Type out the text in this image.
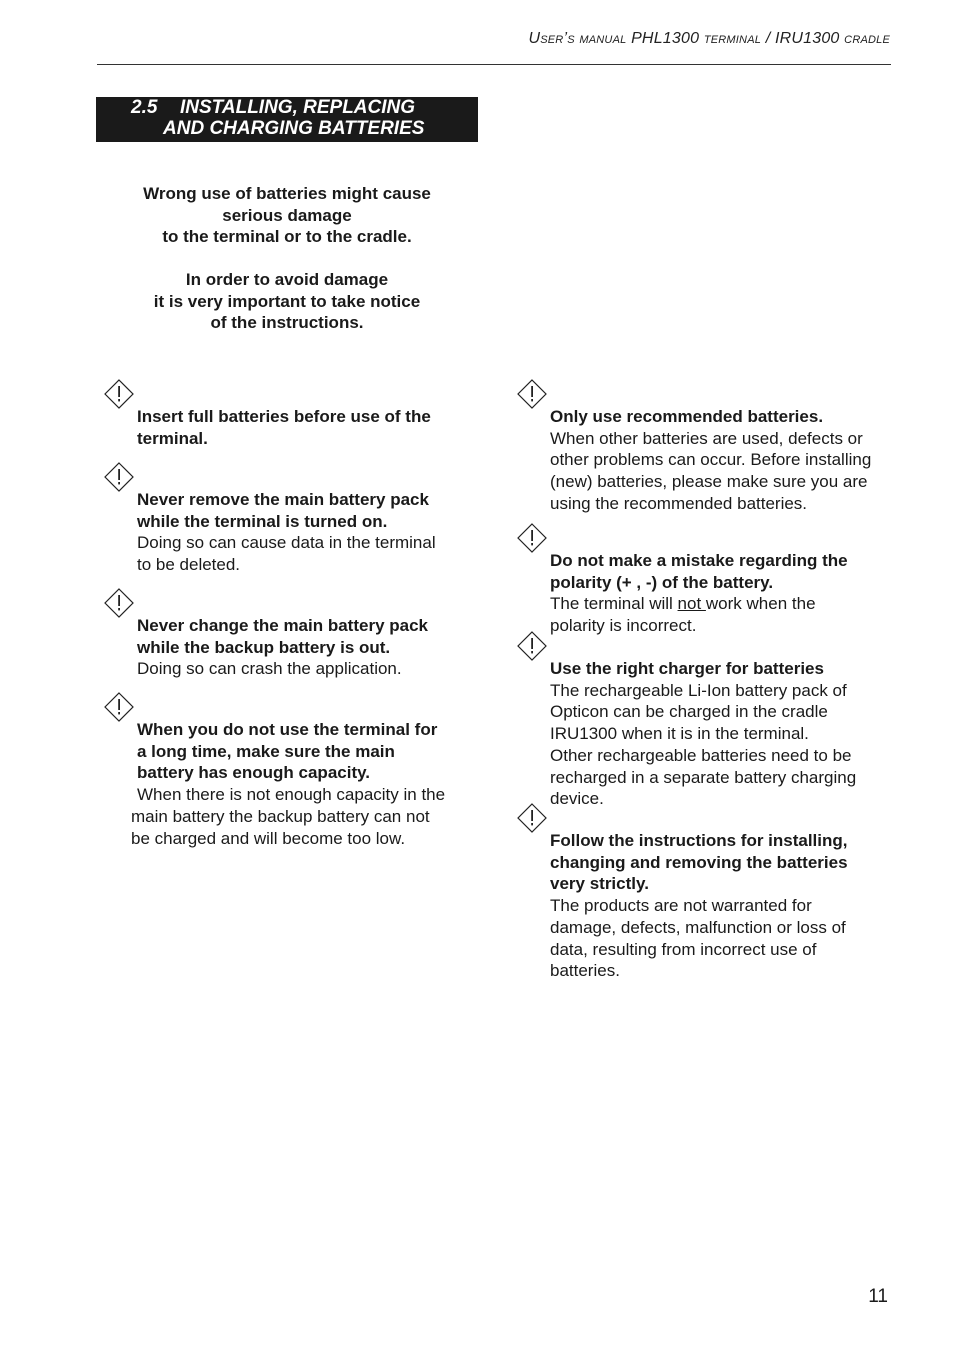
User’s manual PHL1300 terminal / IRU1300 cradle
2.5 INSTALLING, REPLACING
AND CHARGING BATTERIES

Wrong use of batteries might cause

serious damage

to the terminal or to the cradle.

In order to avoid damage

it is very important to take notice

of the instructions.

Insert full batteries before use of the

terminal.

Never remove the main battery pack

while the terminal is turned on.

Doing so can cause data in the terminal

to be deleted.

Never change the main battery pack

while the backup battery is out.

Doing so can crash the application.

When you do not use the terminal for

a long time, make sure the main

battery has enough capacity.

When there is not enough capacity in the

main battery the backup battery can not

be charged and will become too low.

Only use recommended batteries.

When other batteries are used, defects or

other problems can occur. Before installing

(new) batteries, please make sure you are

using the recommended batteries.

Do not make a mistake regarding the

polarity (+ , -) of the battery.

The terminal will not work when the

polarity is incorrect.

Use the right charger for batteries

The rechargeable Li-Ion battery pack of

Opticon can be charged in the cradle

IRU1300 when it is in the terminal.

Other rechargeable batteries need to be

recharged in a separate battery charging

device.

Follow the instructions for installing,

changing and removing the batteries

very strictly.

The products are not warranted for

damage, defects, malfunction or loss of

data, resulting from incorrect use of

batteries.

11
